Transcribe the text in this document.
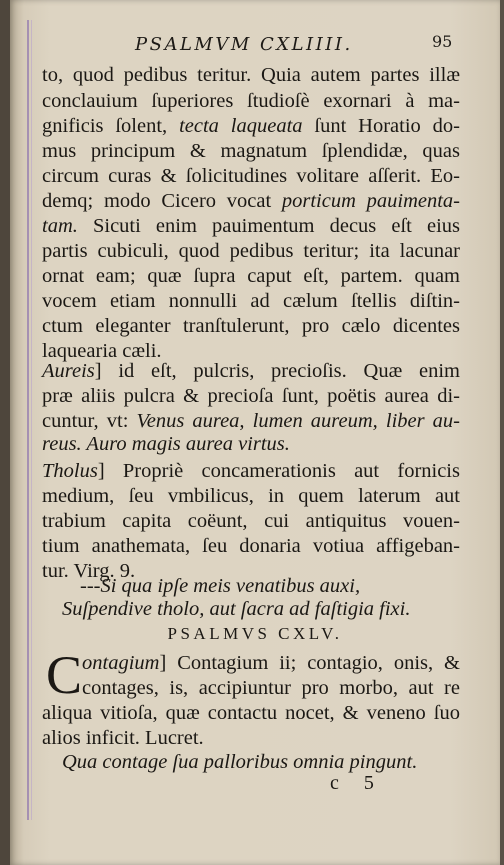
PSALMVM CXLIIII.	95
to, quod pedibus teritur. Quia autem partes illæ
conclauium ſuperiores ſtudioſè exornari à ma-
gnificis ſolent, tecta laqueata ſunt Horatio do-
mus principum & magnatum ſplendidæ, quas
circum curas & ſolicitudines volitare aſſerit. Eo-
demq; modo Cicero vocat porticum pauimenta-
tam. Sicuti enim pauimentum decus eſt eius
partis cubiculi, quod pedibus teritur; ita lacunar
ornat eam; quæ ſupra caput eſt, partem. quam
vocem etiam nonnulli ad cælum ſtellis diſtin-
ctum eleganter tranſtulerunt, pro cælo dicentes
laquearia cæli.
Aureis] id eſt, pulcris, precioſis. Quæ enim
præ aliis pulcra & precioſa ſunt, poëtis aurea di-
cuntur, vt: Venus aurea, lumen aureum, liber au-
reus. Auro magis aurea virtus.
Tholus] Propriè concamerationis aut fornicis
medium, ſeu vmbilicus, in quem laterum aut
trabium capita coëunt, cui antiquitus vouen-
tium anathemata, ſeu donaria votiua affigeban-
tur. Virg. 9.
---Si qua ipſe meis venatibus auxi,
Suſpendive tholo, aut ſacra ad faſtigia fixi.
PSALMVS CXLV.
C ontagium] Contagium ii; contagio, onis, &
contages, is, accipiuntur pro morbo, aut re
aliqua vitioſa, quæ contactu nocet, & veneno ſuo
alios inficit. Lucret.
Qua contage ſua palloribus omnia pingunt.
c 5
